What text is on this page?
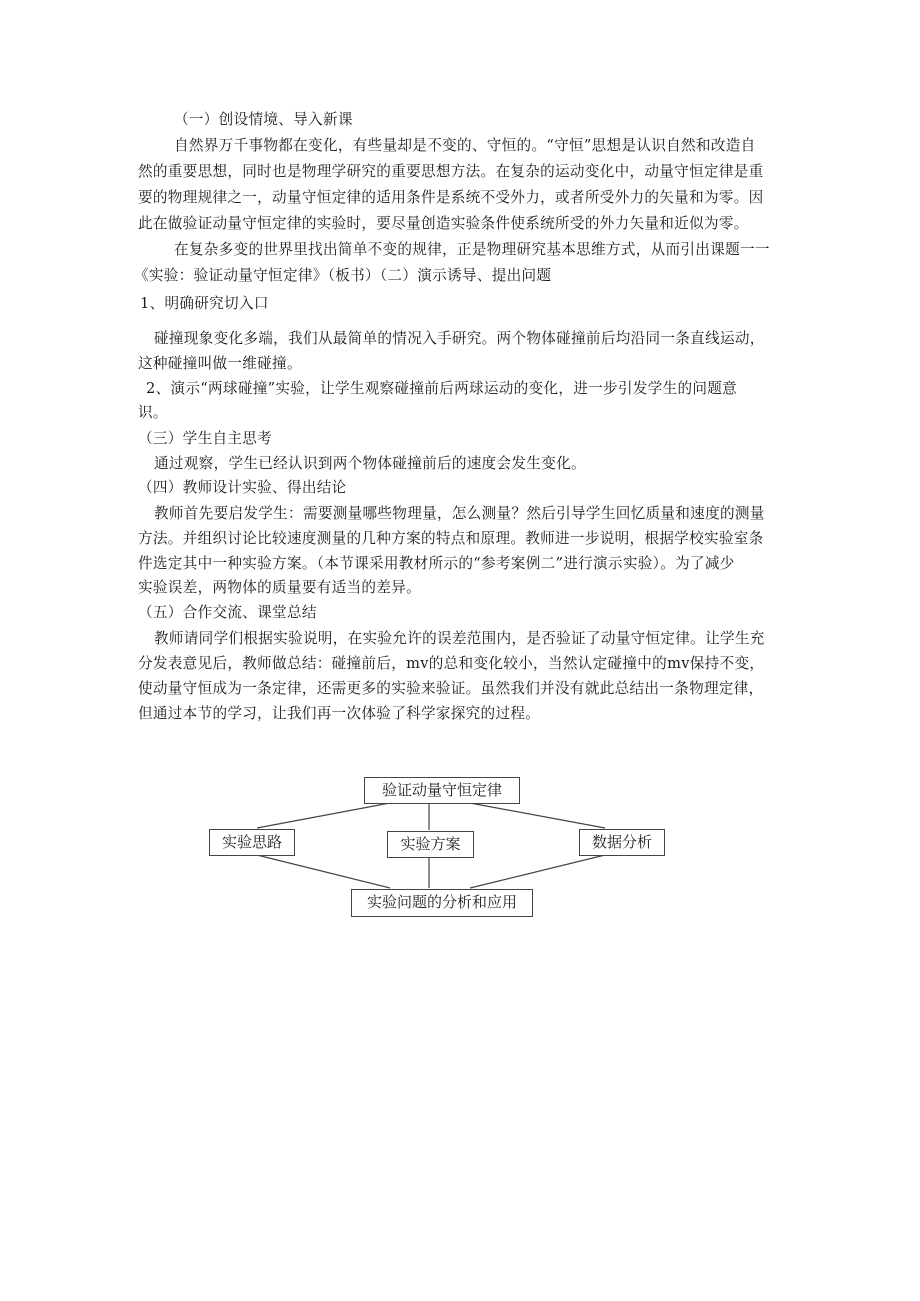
（一）创设情境、导入新课
自然界万千事物都在变化，有些量却是不变的、守恒的。“守恒”思想是认识自然和改造自
然的重要思想，同时也是物理学研究的重要思想方法。在复杂的运动变化中，动量守恒定律是重
要的物理规律之一，动量守恒定律的适用条件是系统不受外力，或者所受外力的矢量和为零。因
此在做验证动量守恒定律的实验时，要尽量创造实验条件使系统所受的外力矢量和近似为零。
在复杂多变的世界里找出简单不变的规律，正是物理研究基本思维方式，从而引出课题一一
《实验：验证动量守恒定律》（板书）（二）演示诱导、提出问题
1、明确研究切入口
碰撞现象变化多端，我们从最简单的情况入手研究。两个物体碰撞前后均沿同一条直线运动，
这种碰撞叫做一维碰撞。
2、演示“两球碰撞”实验，让学生观察碰撞前后两球运动的变化，进一步引发学生的问题意
识。
（三）学生自主思考
通过观察，学生已经认识到两个物体碰撞前后的速度会发生变化。
（四）教师设计实验、得出结论
教师首先要启发学生：需要测量哪些物理量，怎么测量？然后引导学生回忆质量和速度的测量
方法。并组织讨论比较速度测量的几种方案的特点和原理。教师进一步说明，根据学校实验室条
件选定其中一种实验方案。（本节课采用教材所示的“参考案例二”进行演示实验）。为了减少
实验误差，两物体的质量要有适当的差异。
（五）合作交流、课堂总结
教师请同学们根据实验说明，在实验允许的误差范围内，是否验证了动量守恒定律。让学生充
分发表意见后，教师做总结：碰撞前后，mv的总和变化较小，当然认定碰撞中的mv保持不变，
使动量守恒成为一条定律，还需更多的实验来验证。虽然我们并没有就此总结出一条物理定律，
但通过本节的学习，让我们再一次体验了科学家探究的过程。
验证动量守恒定律
实验思路	实验方案	数据分析
实验问题的分析和应用
